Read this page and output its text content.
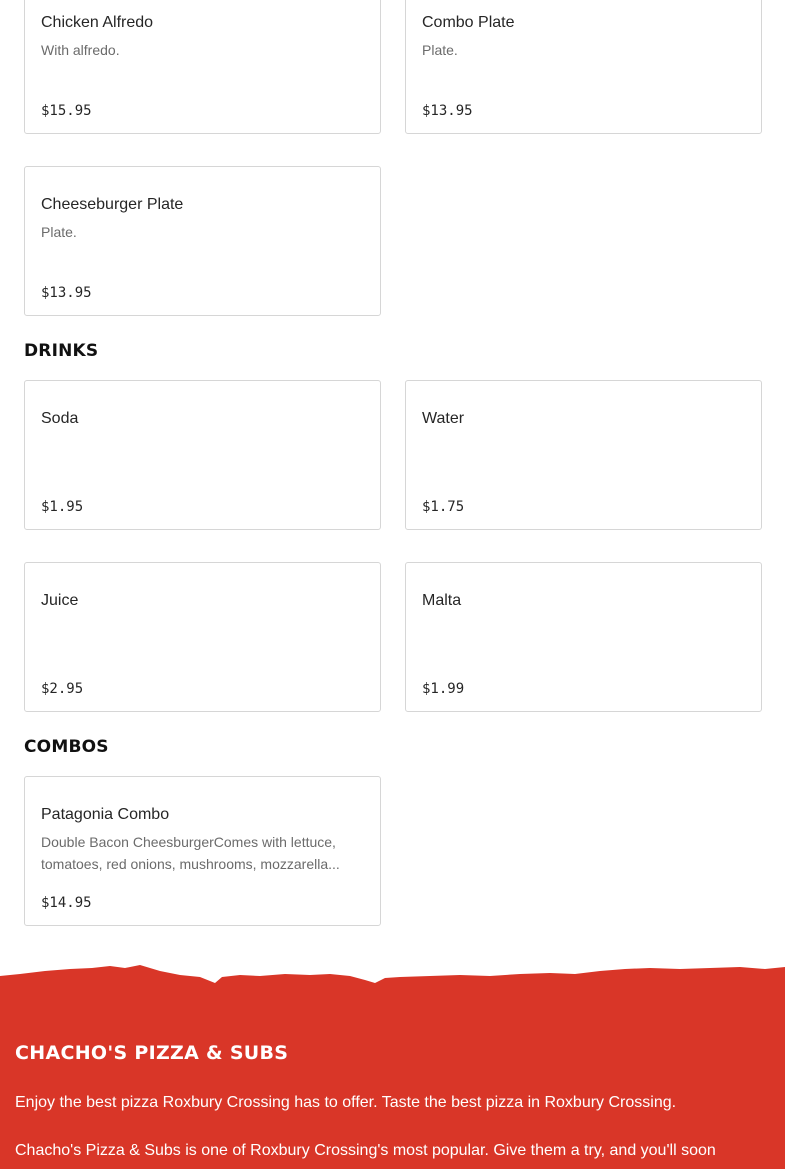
Chicken Alfredo
With alfredo.
$15.95
Combo Plate
Plate.
$13.95
Cheeseburger Plate
Plate.
$13.95
DRINKS
Soda
$1.95
Water
$1.75
Juice
$2.95
Malta
$1.99
COMBOS
Patagonia Combo
Double Bacon CheesburgerComes with lettuce, tomatoes, red onions, mushrooms, mozzarella...
$14.95
CHACHO'S PIZZA & SUBS
Enjoy the best pizza Roxbury Crossing has to offer. Taste the best pizza in Roxbury Crossing.
Chacho's Pizza & Subs is one of Roxbury Crossing's most popular. Give them a try, and you'll soon
